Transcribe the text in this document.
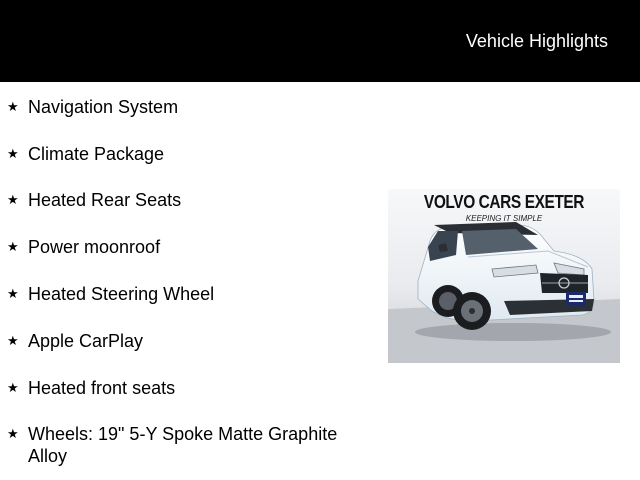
Vehicle Highlights
★ Navigation System
★ Climate Package
★ Heated Rear Seats
★ Power moonroof
★ Heated Steering Wheel
★ Apple CarPlay
★ Heated front seats
★ Wheels: 19" 5-Y Spoke Matte Graphite Alloy
VOLVO CARS EXETER
KEEPING IT SIMPLE
